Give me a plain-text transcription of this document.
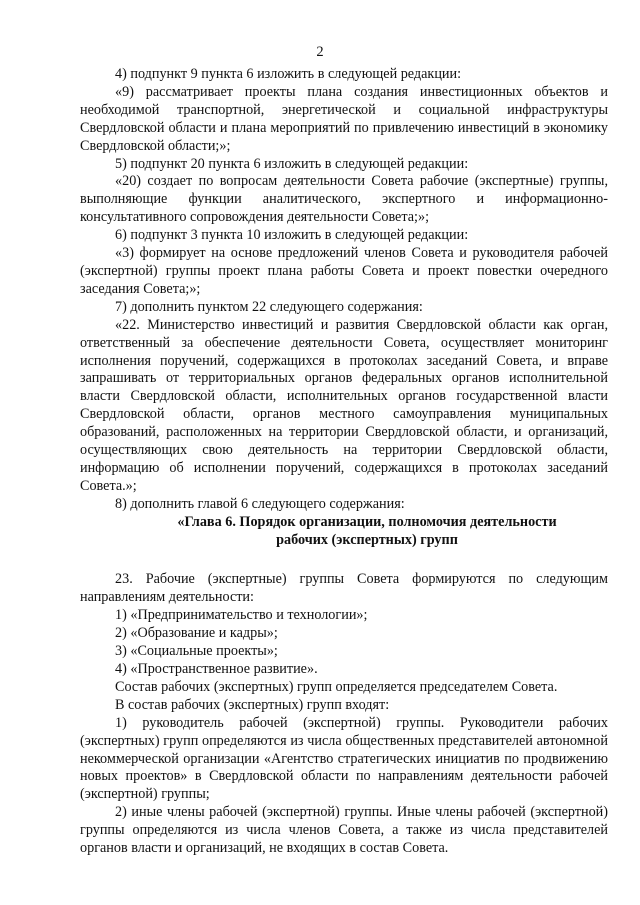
2

4) подпункт 9 пункта 6 изложить в следующей редакции:

«9) рассматривает проекты плана создания инвестиционных объектов и необходимой транспортной, энергетической и социальной инфраструктуры Свердловской области и плана мероприятий по привлечению инвестиций в экономику Свердловской области;»;

5) подпункт 20 пункта 6 изложить в следующей редакции:

«20) создает по вопросам деятельности Совета рабочие (экспертные) группы, выполняющие функции аналитического, экспертного и информационно-консультативного сопровождения деятельности Совета;»;

6) подпункт 3 пункта 10 изложить в следующей редакции:

«3) формирует на основе предложений членов Совета и руководителя рабочей (экспертной) группы проект плана работы Совета и проект повестки очередного заседания Совета;»;

7) дополнить пунктом 22 следующего содержания:

«22. Министерство инвестиций и развития Свердловской области как орган, ответственный за обеспечение деятельности Совета, осуществляет мониторинг исполнения поручений, содержащихся в протоколах заседаний Совета, и вправе запрашивать от территориальных органов федеральных органов исполнительной власти Свердловской области, исполнительных органов государственной власти Свердловской области, органов местного самоуправления муниципальных образований, расположенных на территории Свердловской области, и организаций, осуществляющих свою деятельность на территории Свердловской области, информацию об исполнении поручений, содержащихся в протоколах заседаний Совета.»;

8) дополнить главой 6 следующего содержания:

«Глава 6. Порядок организации, полномочия деятельности

рабочих (экспертных) групп

23. Рабочие (экспертные) группы Совета формируются по следующим направлениям деятельности:

1) «Предпринимательство и технологии»;

2) «Образование и кадры»;

3) «Социальные проекты»;

4) «Пространственное развитие».

Состав рабочих (экспертных) групп определяется председателем Совета.

В состав рабочих (экспертных) групп входят:

1) руководитель рабочей (экспертной) группы. Руководители рабочих (экспертных) групп определяются из числа общественных представителей автономной некоммерческой организации «Агентство стратегических инициатив по продвижению новых проектов» в Свердловской области по направлениям деятельности рабочей (экспертной) группы;

2) иные члены рабочей (экспертной) группы. Иные члены рабочей (экспертной) группы определяются из числа членов Совета, а также из числа представителей органов власти и организаций, не входящих в состав Совета.
